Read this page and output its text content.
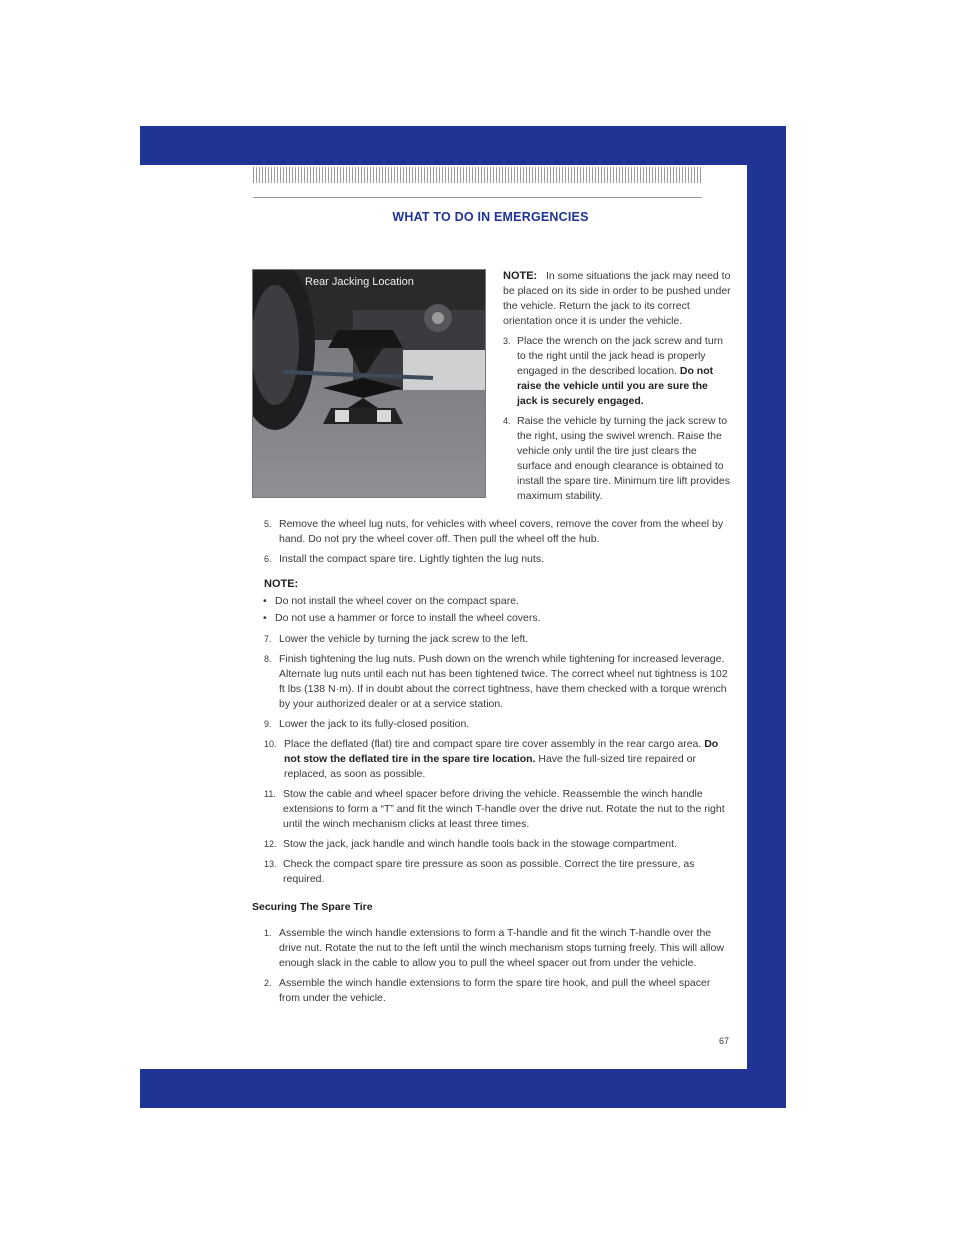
WHAT TO DO IN EMERGENCIES
Rear Jacking Location	NOTE: In some situations the jack may need to be placed on its side in order to be pushed under the vehicle. Return the jack to its correct orientation once it is under the vehicle.

3. Place the wrench on the jack screw and turn to the right until the jack head is properly engaged in the described location. Do not raise the vehicle until you are sure the jack is securely engaged.
4. Raise the vehicle by turning the jack screw to the right, using the swivel wrench. Raise the vehicle only until the tire just clears the surface and enough clearance is obtained to install the spare tire. Minimum tire lift provides maximum stability.
5. Remove the wheel lug nuts, for vehicles with wheel covers, remove the cover from the wheel by hand. Do not pry the wheel cover off. Then pull the wheel off the hub.
6. Install the compact spare tire. Lightly tighten the lug nuts.
NOTE:
• Do not install the wheel cover on the compact spare.
• Do not use a hammer or force to install the wheel covers.
7. Lower the vehicle by turning the jack screw to the left.
8. Finish tightening the lug nuts. Push down on the wrench while tightening for increased leverage. Alternate lug nuts until each nut has been tightened twice. The correct wheel nut tightness is 102 ft lbs (138 N·m). If in doubt about the correct tightness, have them checked with a torque wrench by your authorized dealer or at a service station.
9. Lower the jack to its fully-closed position.
10. Place the deflated (flat) tire and compact spare tire cover assembly in the rear cargo area. Do not stow the deflated tire in the spare tire location. Have the full-sized tire repaired or replaced, as soon as possible.
11. Stow the cable and wheel spacer before driving the vehicle. Reassemble the winch handle extensions to form a “T” and fit the winch T-handle over the drive nut. Rotate the nut to the right until the winch mechanism clicks at least three times.
12. Stow the jack, jack handle and winch handle tools back in the stowage compartment.
13. Check the compact spare tire pressure as soon as possible. Correct the tire pressure, as required.
Securing The Spare Tire
1. Assemble the winch handle extensions to form a T-handle and fit the winch T-handle over the drive nut. Rotate the nut to the left until the winch mechanism stops turning freely. This will allow enough slack in the cable to allow you to pull the wheel spacer out from under the vehicle.
2. Assemble the winch handle extensions to form the spare tire hook, and pull the wheel spacer from under the vehicle.
67
